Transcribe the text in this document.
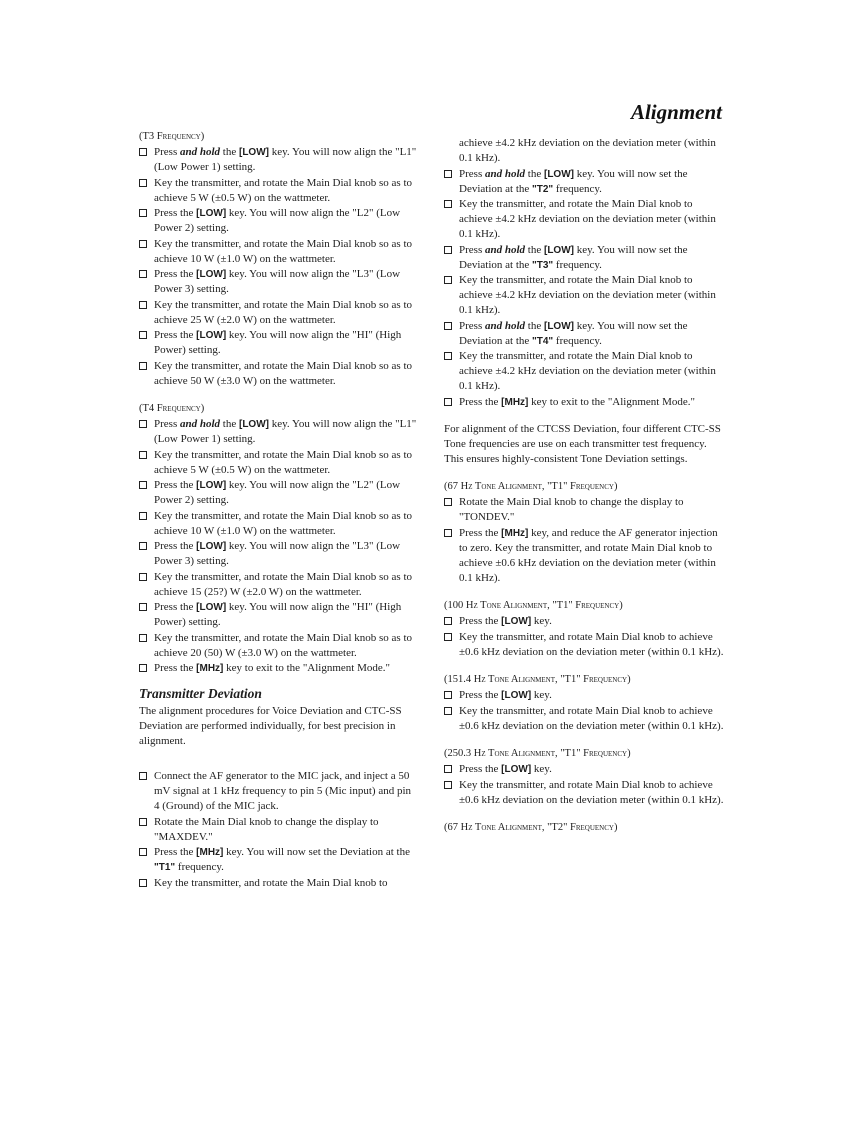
Alignment
(T3 Frequency)
Press and hold the [LOW] key. You will now align the "L1" (Low Power 1) setting.
Key the transmitter, and rotate the Main Dial knob so as to achieve 5 W (±0.5 W) on the wattmeter.
Press the [LOW] key. You will now align the "L2" (Low Power 2) setting.
Key the transmitter, and rotate the Main Dial knob so as to achieve 10 W (±1.0 W) on the wattmeter.
Press the [LOW] key. You will now align the "L3" (Low Power 3) setting.
Key the transmitter, and rotate the Main Dial knob so as to achieve 25 W (±2.0 W) on the wattmeter.
Press the [LOW] key. You will now align the "HI" (High Power) setting.
Key the transmitter, and rotate the Main Dial knob so as to achieve 50 W (±3.0 W) on the wattmeter.
(T4 Frequency)
Press and hold the [LOW] key. You will now align the "L1" (Low Power 1) setting.
Key the transmitter, and rotate the Main Dial knob so as to achieve 5 W (±0.5 W) on the wattmeter.
Press the [LOW] key. You will now align the "L2" (Low Power 2) setting.
Key the transmitter, and rotate the Main Dial knob so as to achieve 10 W (±1.0 W) on the wattmeter.
Press the [LOW] key. You will now align the "L3" (Low Power 3) setting.
Key the transmitter, and rotate the Main Dial knob so as to achieve 15 (25?) W (±2.0 W) on the wattmeter.
Press the [LOW] key. You will now align the "HI" (High Power) setting.
Key the transmitter, and rotate the Main Dial knob so as to achieve 20 (50) W (±3.0 W) on the wattmeter.
Press the [MHz] key to exit to the "Alignment Mode."
Transmitter Deviation

The alignment procedures for Voice Deviation and CTC-SS Deviation are performed individually, for best precision in alignment.

Connect the AF generator to the MIC jack, and inject a 50 mV signal at 1 kHz frequency to pin 5 (Mic input) and pin 4 (Ground) of the MIC jack.
Rotate the Main Dial knob to change the display to "MAXDEV."
Press the [MHz] key. You will now set the Deviation at the "T1" frequency.
Key the transmitter, and rotate the Main Dial knob to
achieve ±4.2 kHz deviation on the deviation meter (within 0.1 kHz).
Press and hold the [LOW] key. You will now set the Deviation at the "T2" frequency.
Key the transmitter, and rotate the Main Dial knob to achieve ±4.2 kHz deviation on the deviation meter (within 0.1 kHz).
Press and hold the [LOW] key. You will now set the Deviation at the "T3" frequency.
Key the transmitter, and rotate the Main Dial knob to achieve ±4.2 kHz deviation on the deviation meter (within 0.1 kHz).
Press and hold the [LOW] key. You will now set the Deviation at the "T4" frequency.
Key the transmitter, and rotate the Main Dial knob to achieve ±4.2 kHz deviation on the deviation meter (within 0.1 kHz).
Press the [MHz] key to exit to the "Alignment Mode."

For alignment of the CTCSS Deviation, four different CTC-SS Tone frequencies are use on each transmitter test frequency. This ensures highly-consistent Tone Deviation settings.

(67 Hz Tone Alignment, "T1" Frequency)
Rotate the Main Dial knob to change the display to "TONDEV."
Press the [MHz] key, and reduce the AF generator injection to zero. Key the transmitter, and rotate Main Dial knob to achieve ±0.6 kHz deviation on the deviation meter (within 0.1 kHz).
(100 Hz Tone Alignment, "T1" Frequency)
Press the [LOW] key.
Key the transmitter, and rotate Main Dial knob to achieve ±0.6 kHz deviation on the deviation meter (within 0.1 kHz).
(151.4 Hz Tone Alignment, "T1" Frequency)
Press the [LOW] key.
Key the transmitter, and rotate Main Dial knob to achieve ±0.6 kHz deviation on the deviation meter (within 0.1 kHz).
(250.3 Hz Tone Alignment, "T1" Frequency)
Press the [LOW] key.
Key the transmitter, and rotate Main Dial knob to achieve ±0.6 kHz deviation on the deviation meter (within 0.1 kHz).
(67 Hz Tone Alignment, "T2" Frequency)
